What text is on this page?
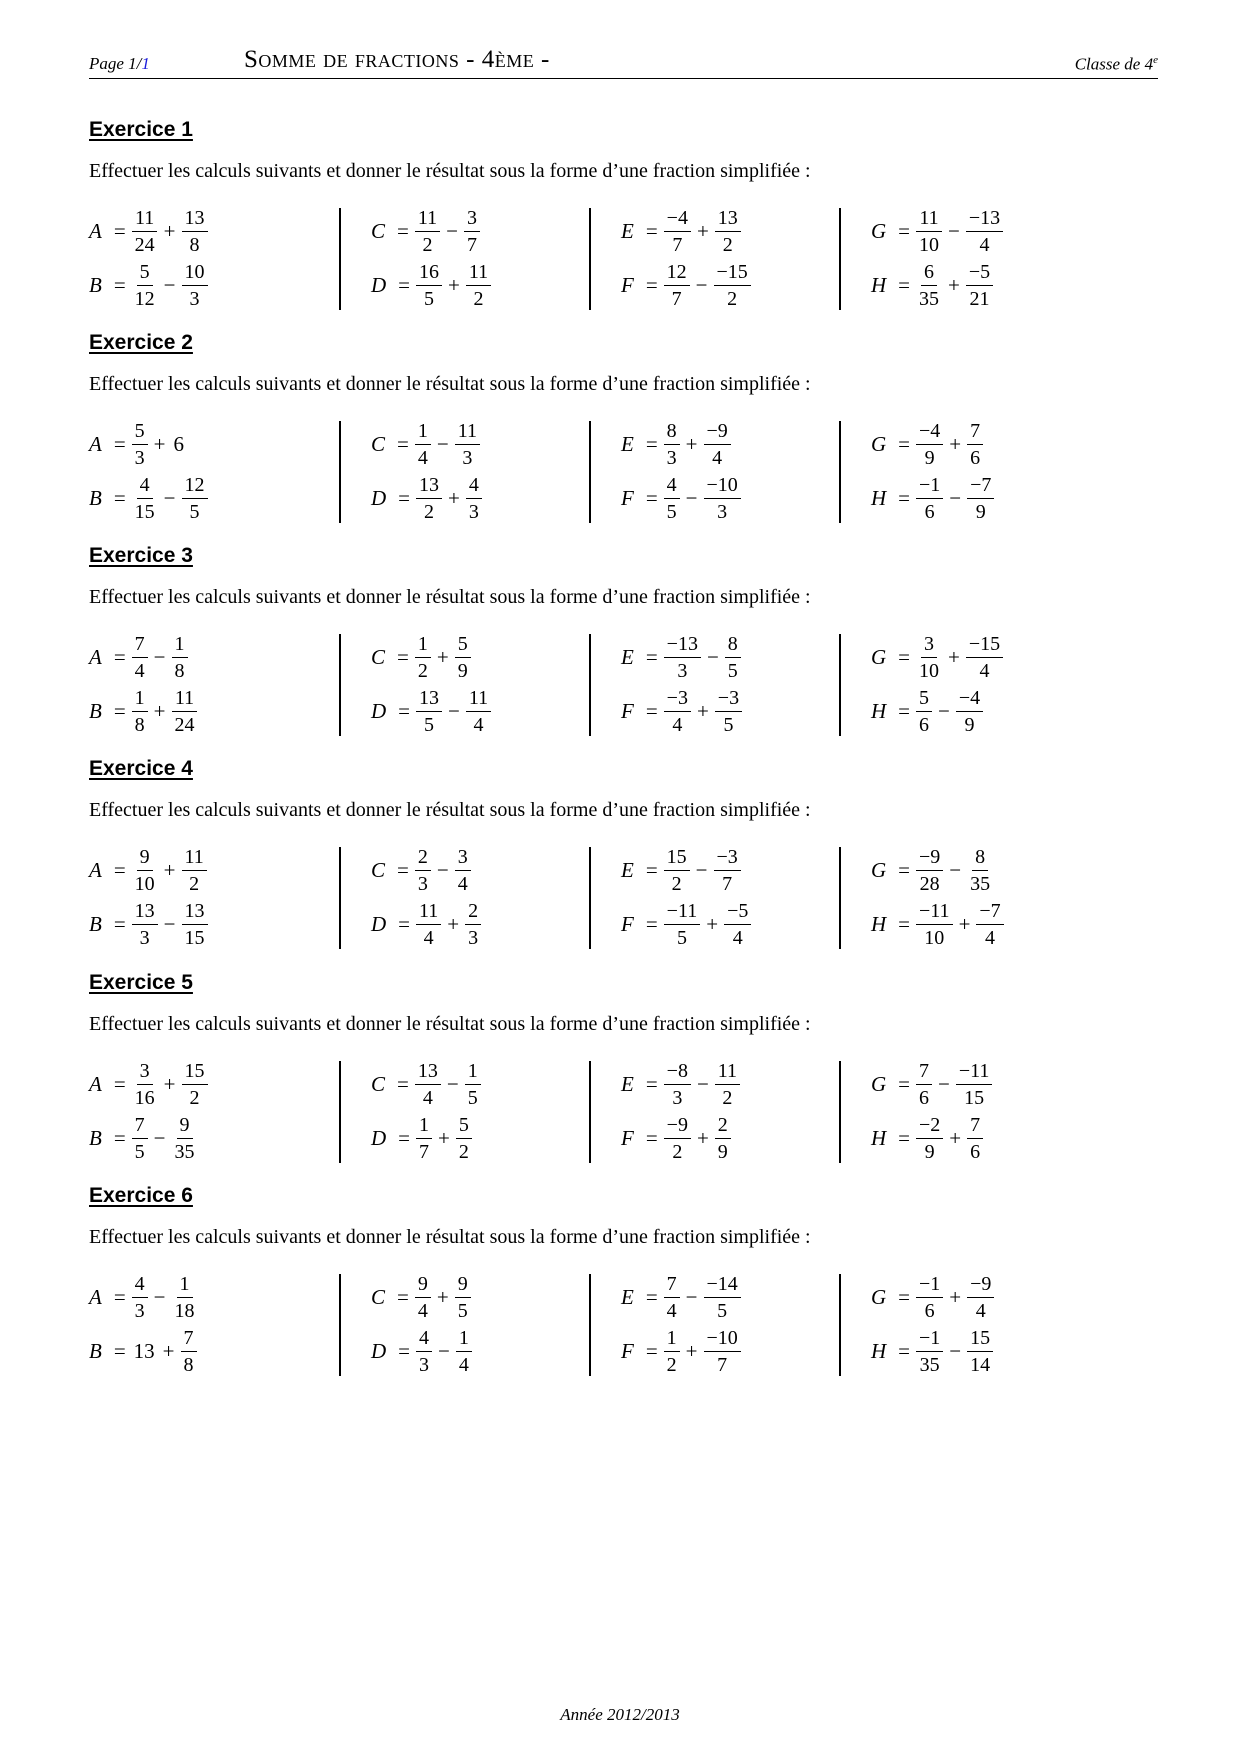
Page 1/1	Somme de fractions - 4ème -	Classe de 4e
Exercice 1
Effectuer les calculs suivants et donner le résultat sous la forme d’une fraction simplifiée :
$A = \frac{11}{24} + \frac{13}{8}$
$B = \frac{5}{12} - \frac{10}{3}$
$C = \frac{11}{2} - \frac{3}{7}$
$D = \frac{16}{5} + \frac{11}{2}$
$E = \frac{-4}{7} + \frac{13}{2}$
$F = \frac{12}{7} - \frac{-15}{2}$
$G = \frac{11}{10} - \frac{-13}{4}$
$H = \frac{6}{35} + \frac{-5}{21}$
Exercice 2
Effectuer les calculs suivants et donner le résultat sous la forme d’une fraction simplifiée :
$A = \frac{5}{3} + 6$
$B = \frac{4}{15} - \frac{12}{5}$
$C = \frac{1}{4} - \frac{11}{3}$
$D = \frac{13}{2} + \frac{4}{3}$
$E = \frac{8}{3} + \frac{-9}{4}$
$F = \frac{4}{5} - \frac{-10}{3}$
$G = \frac{-4}{9} + \frac{7}{6}$
$H = \frac{-1}{6} - \frac{-7}{9}$
Exercice 3
Effectuer les calculs suivants et donner le résultat sous la forme d’une fraction simplifiée :
$A = \frac{7}{4} - \frac{1}{8}$
$B = \frac{1}{8} + \frac{11}{24}$
$C = \frac{1}{2} + \frac{5}{9}$
$D = \frac{13}{5} - \frac{11}{4}$
$E = \frac{-13}{3} - \frac{8}{5}$
$F = \frac{-3}{4} + \frac{-3}{5}$
$G = \frac{3}{10} + \frac{-15}{4}$
$H = \frac{5}{6} - \frac{-4}{9}$
Exercice 4
Effectuer les calculs suivants et donner le résultat sous la forme d’une fraction simplifiée :
$A = \frac{9}{10} + \frac{11}{2}$
$B = \frac{13}{3} - \frac{13}{15}$
$C = \frac{2}{3} - \frac{3}{4}$
$D = \frac{11}{4} + \frac{2}{3}$
$E = \frac{15}{2} - \frac{-3}{7}$
$F = \frac{-11}{5} + \frac{-5}{4}$
$G = \frac{-9}{28} - \frac{8}{35}$
$H = \frac{-11}{10} + \frac{-7}{4}$
Exercice 5
Effectuer les calculs suivants et donner le résultat sous la forme d’une fraction simplifiée :
$A = \frac{3}{16} + \frac{15}{2}$
$B = \frac{7}{5} - \frac{9}{35}$
$C = \frac{13}{4} - \frac{1}{5}$
$D = \frac{1}{7} + \frac{5}{2}$
$E = \frac{-8}{3} - \frac{11}{2}$
$F = \frac{-9}{2} + \frac{2}{9}$
$G = \frac{7}{6} - \frac{-11}{15}$
$H = \frac{-2}{9} + \frac{7}{6}$
Exercice 6
Effectuer les calculs suivants et donner le résultat sous la forme d’une fraction simplifiée :
$A = \frac{4}{3} - \frac{1}{18}$
$B = 13 + \frac{7}{8}$
$C = \frac{9}{4} + \frac{9}{5}$
$D = \frac{4}{3} - \frac{1}{4}$
$E = \frac{7}{4} - \frac{-14}{5}$
$F = \frac{1}{2} + \frac{-10}{7}$
$G = \frac{-1}{6} + \frac{-9}{4}$
$H = \frac{-1}{35} - \frac{15}{14}$
Année 2012/2013
